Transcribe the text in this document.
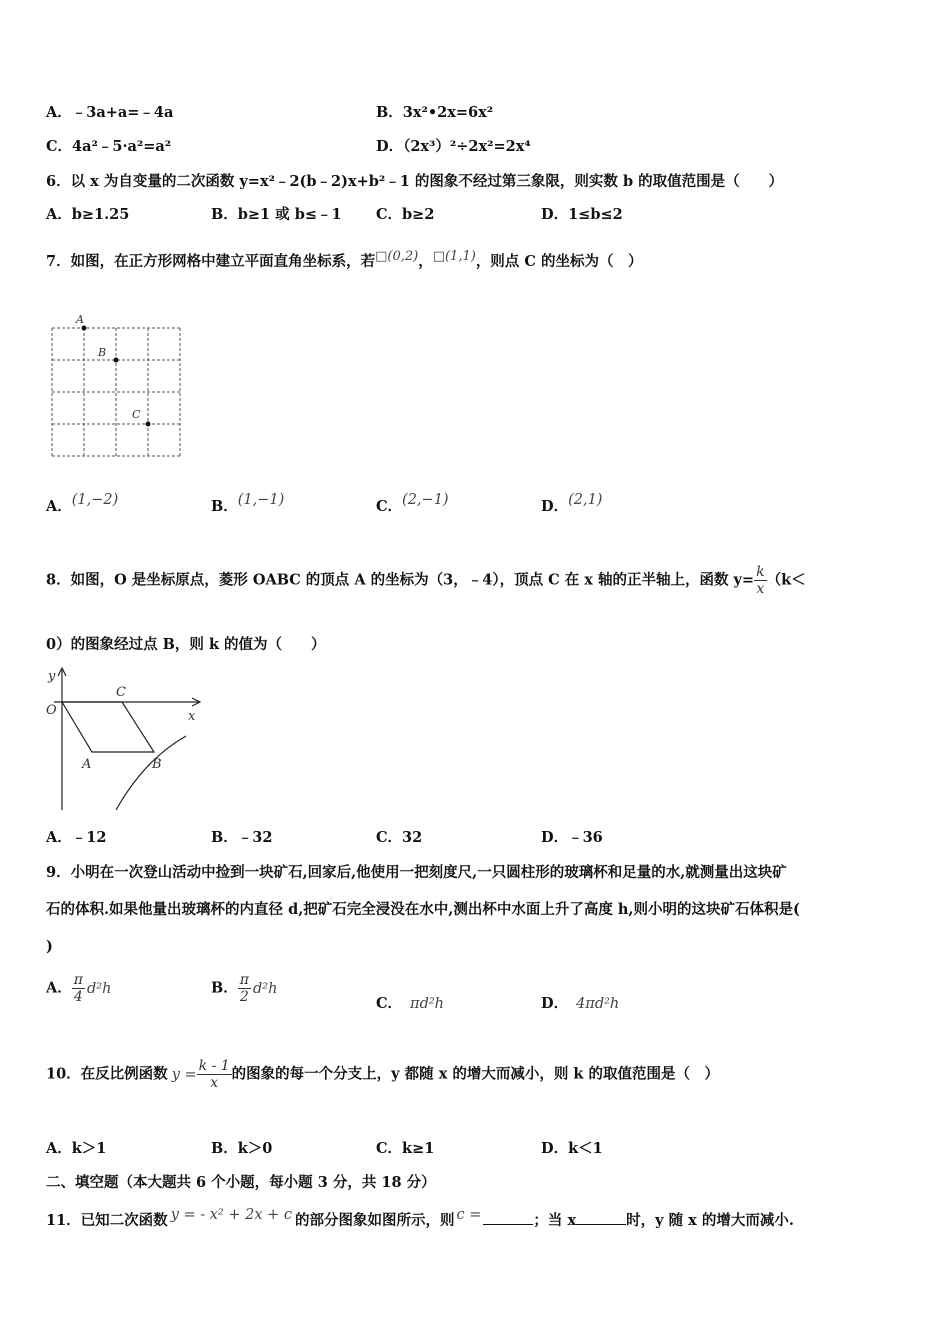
A．﹣3a+a=﹣4a	B．3x²•2x=6x²
C．4a²﹣5·a²=a²	D．（2x³）²÷2x²=2x⁴
6．以 x 为自变量的二次函数 y=x²﹣2(b﹣2)x+b²﹣1 的图象不经过第三象限，则实数 b 的取值范围是（　　）
A．b≥1.25	B．b≥1 或 b≤﹣1 C．b≥2	D．1≤b≤2
7．如图，在正方形网格中建立平面直角坐标系，若□(0,2)，□(1,1)，则点 C 的坐标为（　）
A
B
C
A．(1,−2)	B．(1,−1)	C．(2,−1)	D．(2,1)
8．如图，O 是坐标原点，菱形 OABC 的顶点 A 的坐标为（3，﹣4），顶点 C 在 x 轴的正半轴上，函数 $y= \frac{k}{x} (k<$
0）的图象经过点 B，则 k 的值为（　　）
y
x
O
C
A	B
A．﹣12	B．﹣32	C．32	D．﹣36
9．小明在一次登山活动中捡到一块矿石,回家后,他使用一把刻度尺,一只圆柱形的玻璃杯和足量的水,就测量出这块矿
石的体积.如果他量出玻璃杯的内直径 d,把矿石完全浸没在水中,测出杯中水面上升了高度 h,则小明的这块矿石体积是(
)
A． $\frac{\pi}{4} d^2h$	B． $\frac{\pi}{2} d^2h$
C． πd²h	D． 4πd²h
10．在反比例函数 $y = \frac{k - 1}{x}$ 的图象的每一个分支上，y 都随 x 的增大而减小，则 k 的取值范围是（　）
A．k＞1	B．k＞0	C．k≥1	D．k＜1
二、填空题（本大题共 6 个小题，每小题 3 分，共 18 分）
11．已知二次函数 y = - x² + 2x + c 的部分图象如图所示，则 c =	；当 x	时，y 随 x 的增大而减小.
